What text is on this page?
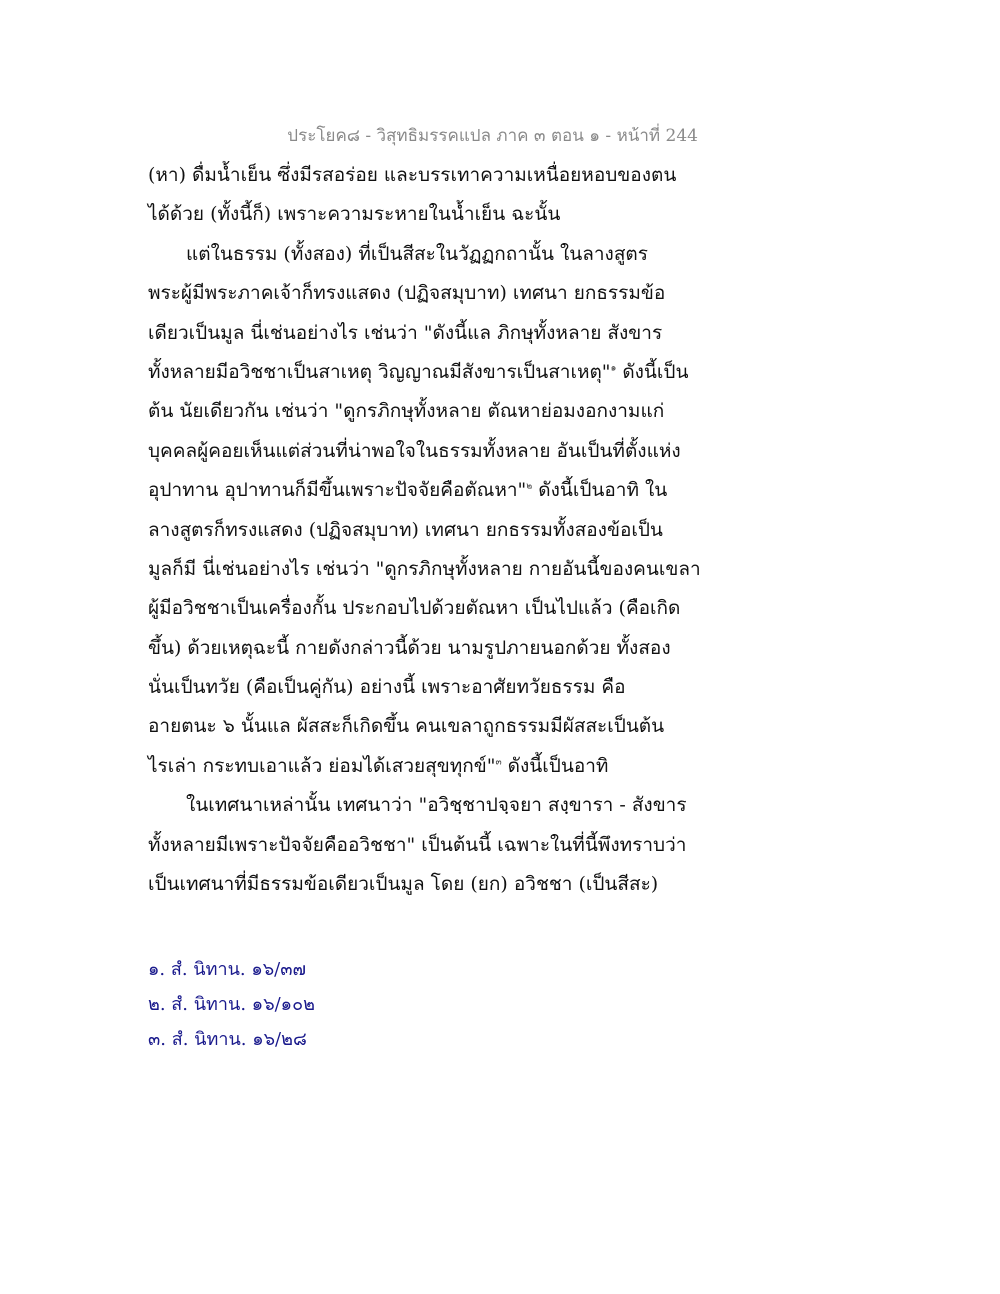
ประโยค๘ - วิสุทธิมรรคแปล ภาค ๓ ตอน ๑ - หน้าที่ 244
(หา) ดื่มน้ำเย็น ซึ่งมีรสอร่อย และบรรเทาความเหนื่อยหอบของตน
ได้ด้วย (ทั้งนี้ก็) เพราะความระหายในน้ำเย็น ฉะนั้น
แต่ในธรรม (ทั้งสอง) ที่เป็นสีสะในวัฏฏกถานั้น ในลางสูตร
พระผู้มีพระภาคเจ้าก็ทรงแสดง (ปฏิจสมุบาท) เทศนา ยกธรรมข้อ
เดียวเป็นมูล นี่เช่นอย่างไร เช่นว่า "ดังนี้แล ภิกษุทั้งหลาย สังขาร
ทั้งหลายมีอวิชชาเป็นสาเหตุ วิญญาณมีสังขารเป็นสาเหตุ"$^๑$ ดังนี้เป็น
ต้น นัยเดียวกัน เช่นว่า "ดูกรภิกษุทั้งหลาย ตัณหาย่อมงอกงามแก่
บุคคลผู้คอยเห็นแต่ส่วนที่น่าพอใจในธรรมทั้งหลาย อันเป็นที่ตั้งแห่ง
อุปาทาน อุปาทานก็มีขึ้นเพราะปัจจัยคือตัณหา"$^๒$ ดังนี้เป็นอาทิ ใน
ลางสูตรก็ทรงแสดง (ปฏิจสมุบาท) เทศนา ยกธรรมทั้งสองข้อเป็น
มูลก็มี นี่เช่นอย่างไร เช่นว่า "ดูกรภิกษุทั้งหลาย กายอันนี้ของคนเขลา
ผู้มีอวิชชาเป็นเครื่องกั้น ประกอบไปด้วยตัณหา เป็นไปแล้ว (คือเกิด
ขึ้น) ด้วยเหตุฉะนี้ กายดังกล่าวนี้ด้วย นามรูปภายนอกด้วย ทั้งสอง
นั่นเป็นทวัย (คือเป็นคู่กัน) อย่างนี้ เพราะอาศัยทวัยธรรม คือ
อายตนะ ๖ นั้นแล ผัสสะก็เกิดขึ้น คนเขลาถูกธรรมมีผัสสะเป็นต้น
ไรเล่า กระทบเอาแล้ว ย่อมได้เสวยสุขทุกข์"$^๓$ ดังนี้เป็นอาทิ
ในเทศนาเหล่านั้น เทศนาว่า "อวิชฺชาปจฺจยา สงฺขารา - สังขาร
ทั้งหลายมีเพราะปัจจัยคืออวิชชา" เป็นต้นนี้ เฉพาะในที่นี้พึงทราบว่า
เป็นเทศนาที่มีธรรมข้อเดียวเป็นมูล โดย (ยก) อวิชชา (เป็นสีสะ)
๑. สํ. นิทาน. ๑๖/๓๗
๒. สํ. นิทาน. ๑๖/๑๐๒
๓. สํ. นิทาน. ๑๖/๒๘
